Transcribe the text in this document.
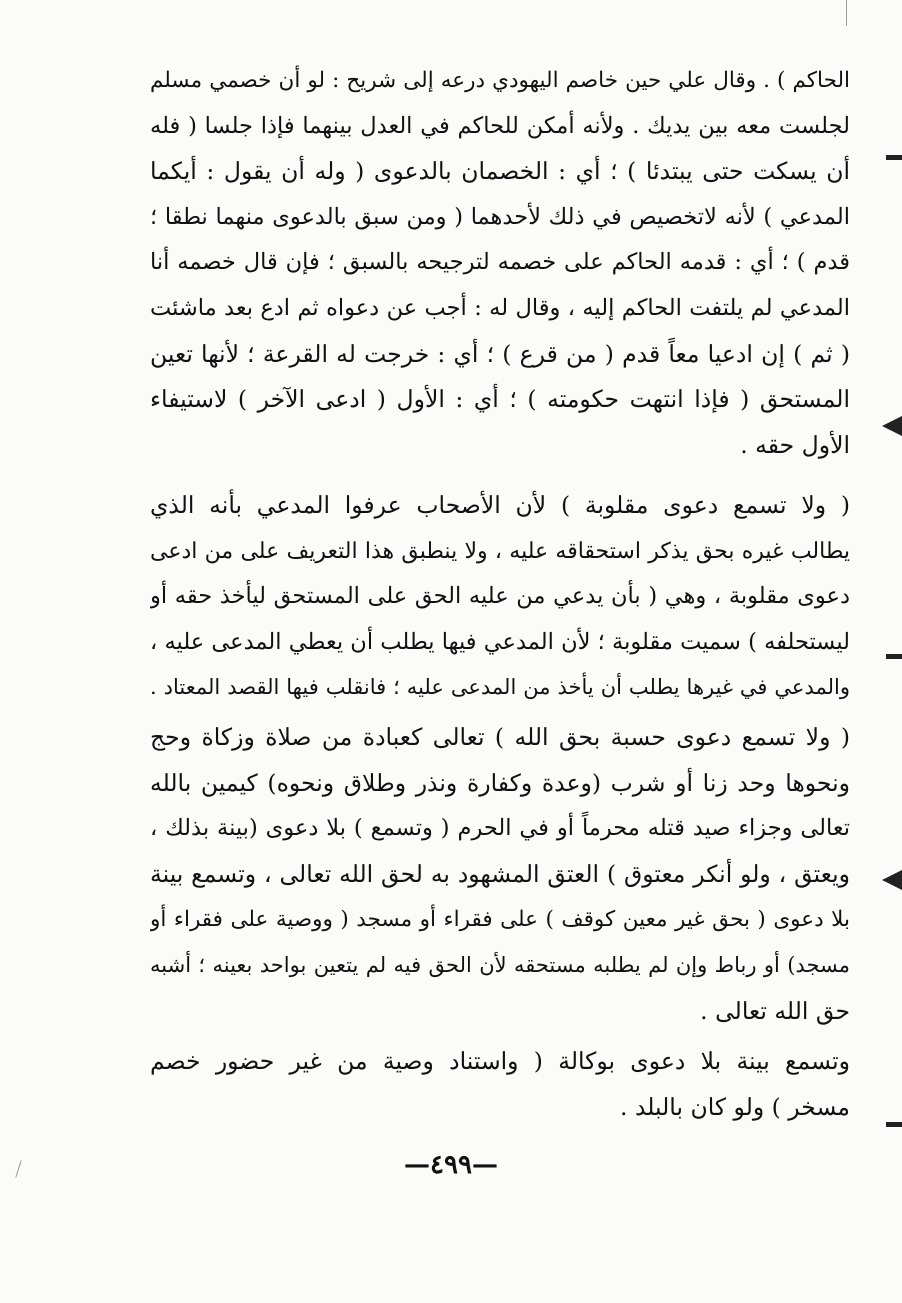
الحاكم ) . وقال علي حين خاصم اليهودي درعه إلى شريح : لو أن خصمي مسلم
لجلست معه بين يديك . ولأنه أمكن للحاكم في العدل بينهما فإذا جلسا ( فله
أن يسكت حتى يبتدئا ) ؛ أي : الخصمان بالدعوى ( وله أن يقول : أيكما
المدعي ) لأنه لاتخصيص في ذلك لأحدهما ( ومن سبق بالدعوى منهما نطقا ؛
قدم ) ؛ أي : قدمه الحاكم على خصمه لترجيحه بالسبق ؛ فإن قال خصمه أنا
المدعي لم يلتفت الحاكم إليه ، وقال له : أجب عن دعواه ثم ادع بعد ماشئت
( ثم ) إن ادعيا معاً قدم ( من قرع ) ؛ أي : خرجت له القرعة ؛ لأنها تعين
المستحق ( فإذا انتهت حكومته ) ؛ أي : الأول ( ادعى الآخر ) لاستيفاء
الأول حقه .
( ولا تسمع دعوى مقلوبة ) لأن الأصحاب عرفوا المدعي بأنه الذي
يطالب غيره بحق يذكر استحقاقه عليه ، ولا ينطبق هذا التعريف على من ادعى
دعوى مقلوبة ، وهي ( بأن يدعي من عليه الحق على المستحق ليأخذ حقه أو
ليستحلفه ) سميت مقلوبة ؛ لأن المدعي فيها يطلب أن يعطي المدعى عليه ،
والمدعي في غيرها يطلب أن يأخذ من المدعى عليه ؛ فانقلب فيها القصد المعتاد .
( ولا تسمع دعوى حسبة بحق الله ) تعالى كعبادة من صلاة وزكاة وحج
ونحوها وحد زنا أو شرب (وعدة وكفارة ونذر وطلاق ونحوه) كيمين بالله
تعالى وجزاء صيد قتله محرماً أو في الحرم ( وتسمع ) بلا دعوى (بينة بذلك ،
ويعتق ، ولو أنكر معتوق ) العتق المشهود به لحق الله تعالى ، وتسمع بينة
بلا دعوى ( بحق غير معين كوقف ) على فقراء أو مسجد ( ووصية على فقراء أو
مسجد) أو رباط وإن لم يطلبه مستحقه لأن الحق فيه لم يتعين بواحد بعينه ؛ أشبه
حق الله تعالى .
وتسمع بينة بلا دعوى بوكالة ( واستناد وصية من غير حضور خصم
مسخر ) ولو كان بالبلد .
—٤٩٩—
